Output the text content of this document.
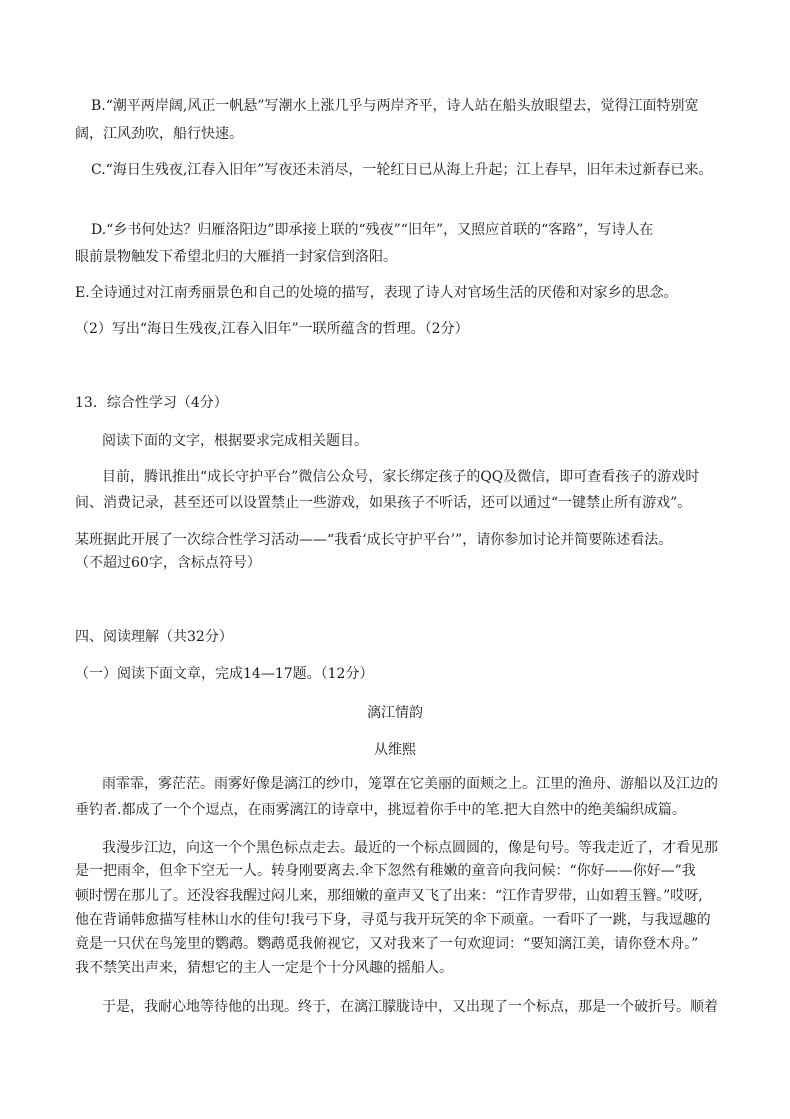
B.“潮平两岸阔,风正一帆悬”写潮水上涨几乎与两岸齐平，诗人站在船头放眼望去，觉得江面特别宽
阔，江风劲吹，船行快速。
C.“海日生残夜,江春入旧年”写夜还未消尽，一轮红日已从海上升起；江上春早，旧年未过新春已来。
D.“乡书何处达？归雁洛阳边”即承接上联的“残夜”“旧年”，又照应首联的“客路”，写诗人在
眼前景物触发下希望北归的大雁捎一封家信到洛阳。
E.全诗通过对江南秀丽景色和自己的处境的描写，表现了诗人对官场生活的厌倦和对家乡的思念。
（2）写出“海日生残夜,江春入旧年”一联所蕴含的哲理。（2分）
13．综合性学习（4分）
阅读下面的文字，根据要求完成相关题目。
目前，腾讯推出“成长守护平台”微信公众号，家长绑定孩子的QQ及微信，即可查看孩子的游戏时
间、消费记录，甚至还可以设置禁止一些游戏，如果孩子不听话，还可以通过“一键禁止所有游戏”。
某班据此开展了一次综合性学习活动——“我看‘成长守护平台’”，请你参加讨论并简要陈述看法。
（不超过60字，含标点符号）
四、阅读理解（共32分）
（一）阅读下面文章，完成14—17题。（12分）
漓江情韵
从维熙
雨霏霏，雾茫茫。雨雾好像是漓江的纱巾，笼罩在它美丽的面颊之上。江里的渔舟、游船以及江边的
垂钓者.都成了一个个逗点，在雨雾漓江的诗章中，挑逗着你手中的笔.把大自然中的绝美编织成篇。
我漫步江边，向这一个个黑色标点走去。最近的一个标点圆圆的，像是句号。等我走近了，才看见那
是一把雨伞，但伞下空无一人。转身刚要离去.伞下忽然有稚嫩的童音向我问候：“你好——你好—”我
顿时愣在那儿了。还没容我醒过闷儿来，那细嫩的童声又飞了出来：“江作青罗带，山如碧玉簪。”哎呀,
他在背诵韩愈描写桂林山水的佳句!我弓下身，寻觅与我开玩笑的伞下顽童。一看吓了一跳，与我逗趣的
竟是一只伏在鸟笼里的鹦鹉。鹦鹉觅我俯视它，又对我来了一句欢迎词：“要知漓江美，请你登木舟。”
我不禁笑出声来，猜想它的主人一定是个十分风趣的摇船人。
于是，我耐心地等待他的出现。终于，在漓江朦胧诗中，又出现了一个标点，那是一个破折号。顺着
